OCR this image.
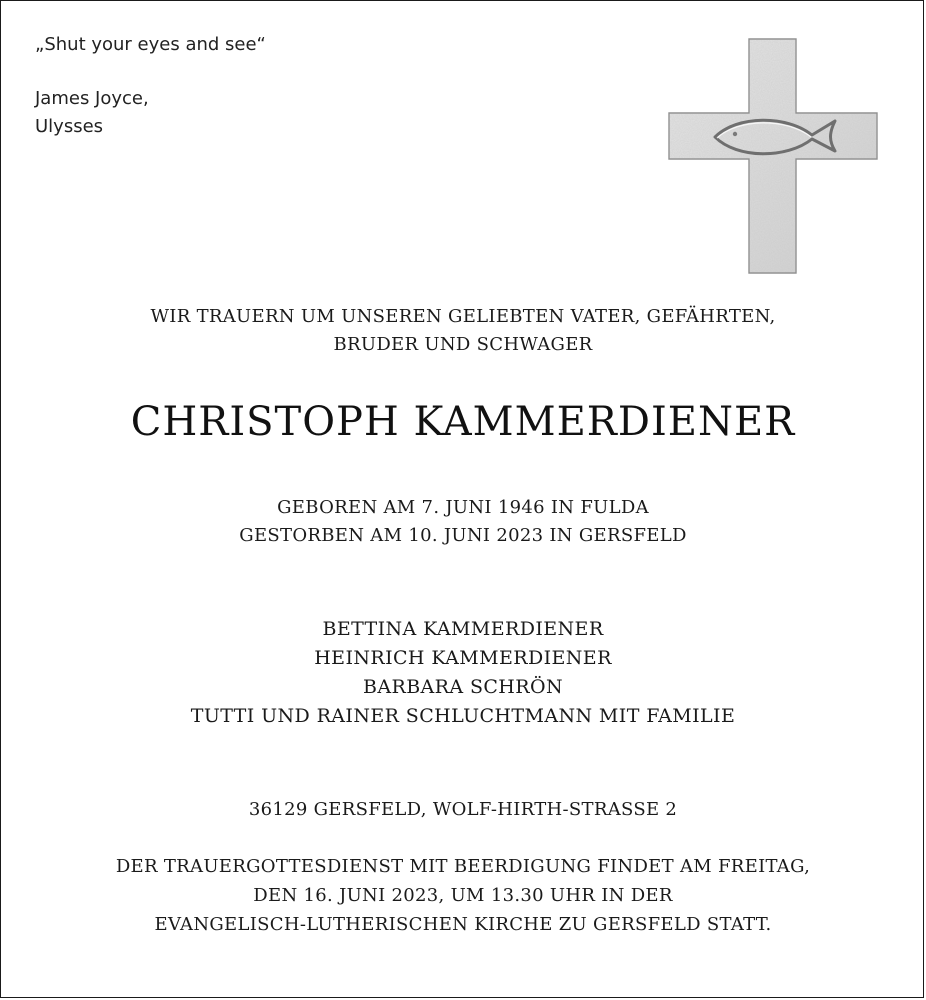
„Shut your eyes and see“
James Joyce,
Ulysses
WIR TRAUERN UM UNSEREN GELIEBTEN VATER, GEFÄHRTEN,
BRUDER UND SCHWAGER
CHRISTOPH KAMMERDIENER
GEBOREN AM 7. JUNI 1946 IN FULDA
GESTORBEN AM 10. JUNI 2023 IN GERSFELD
BETTINA KAMMERDIENER
HEINRICH KAMMERDIENER
BARBARA SCHRÖN
TUTTI UND RAINER SCHLUCHTMANN MIT FAMILIE
36129 GERSFELD, WOLF-HIRTH-STRASSE 2
DER TRAUERGOTTESDIENST MIT BEERDIGUNG FINDET AM FREITAG,
DEN 16. JUNI 2023, UM 13.30 UHR IN DER
EVANGELISCH-LUTHERISCHEN KIRCHE ZU GERSFELD STATT.
